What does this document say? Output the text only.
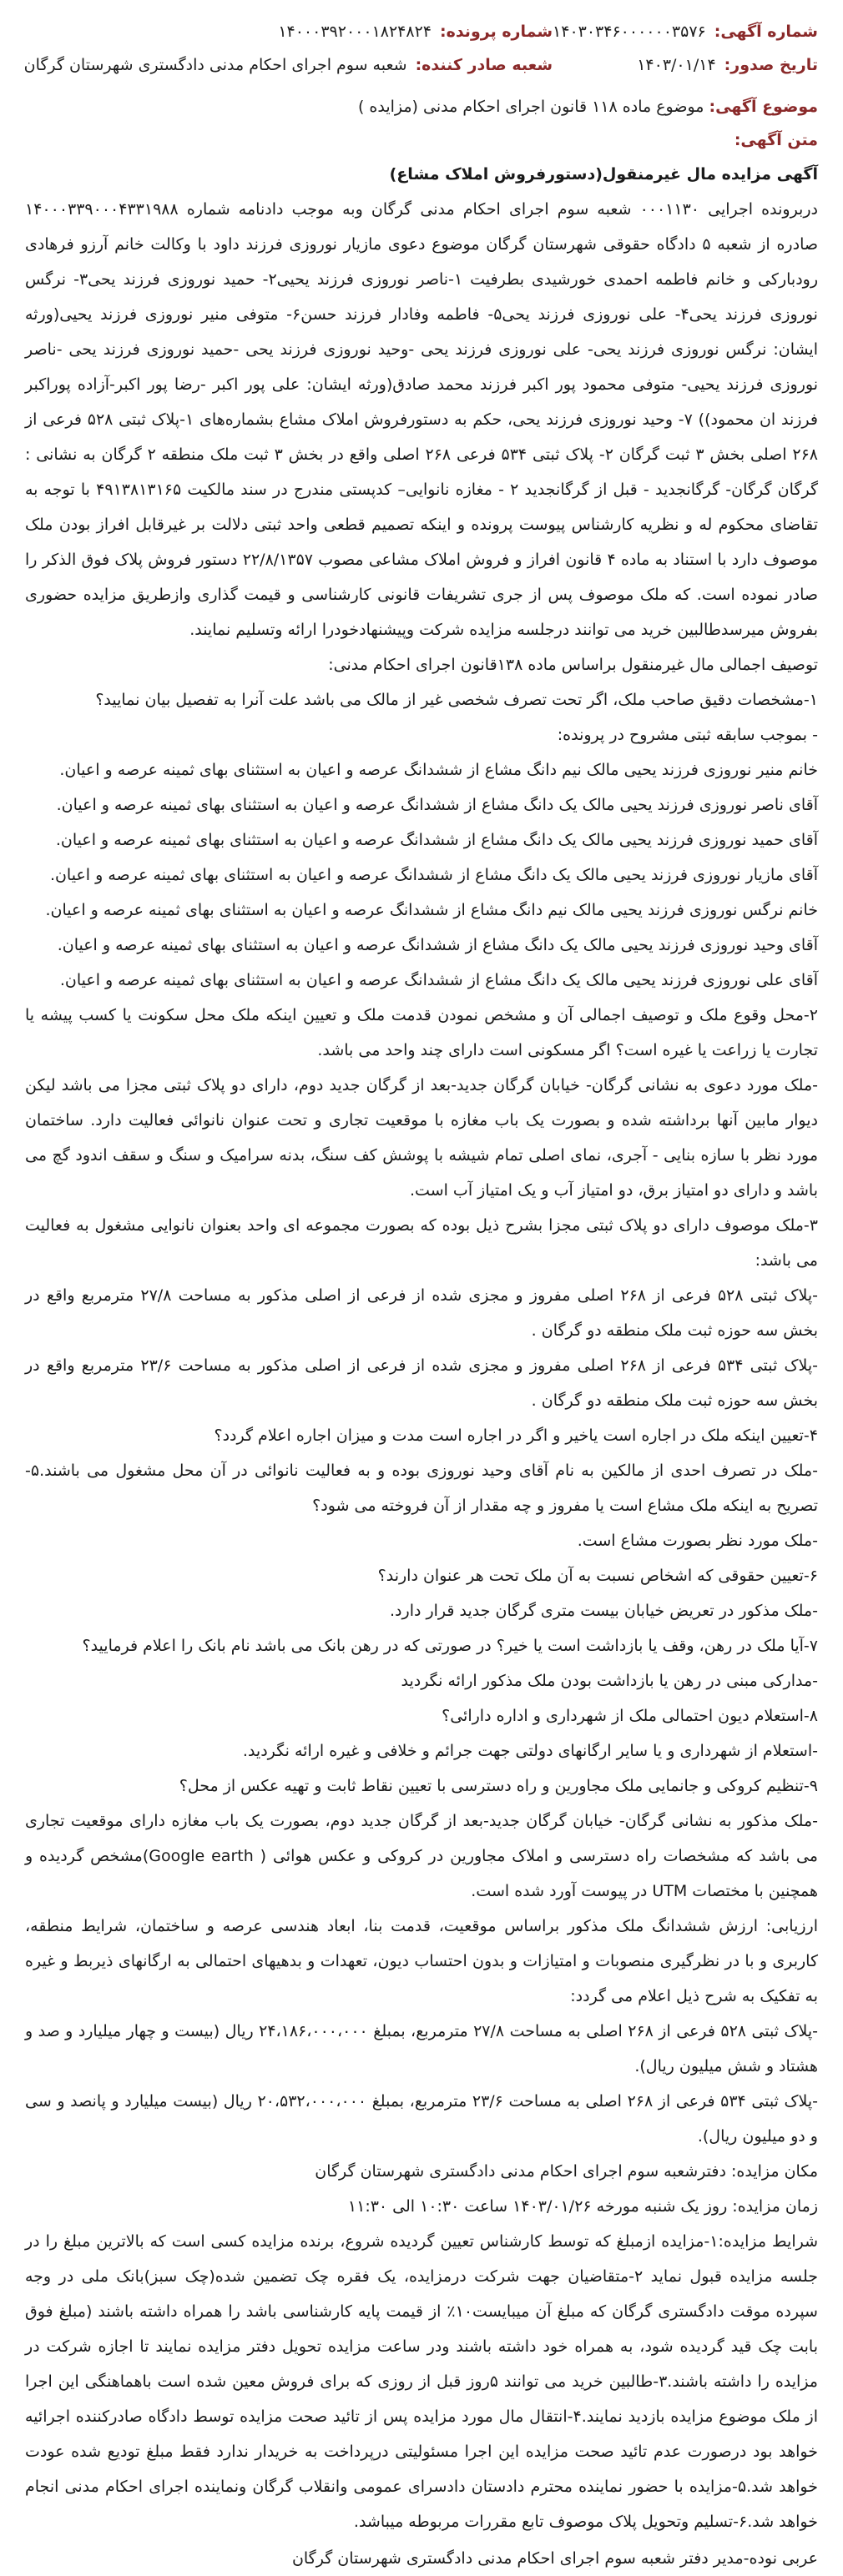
شماره آگهی:
۱۴۰۳۰۳۴۶۰۰۰۰۰۰۳۵۷۶
تاریخ صدور:
۱۴۰۳/۰۱/۱۴
شماره پرونده:
۱۴۰۰۰۳۹۲۰۰۰۱۸۲۴۸۲۴
شعبه صادر کننده:
شعبه سوم اجرای احکام مدنی دادگستری شهرستان گرگان
موضوع آگهی: موضوع ماده ۱۱۸ قانون اجرای احکام مدنی (مزایده )
متن آگهی:

آگهی مزایده مال غیرمنقول(دستورفروش املاک مشاع)

دربرونده اجرایی ۰۰۰۱۱۳۰ شعبه سوم اجرای احکام مدنی گرگان وبه موجب دادنامه شماره ۱۴۰۰۰۳۳۹۰۰۰۴۳۳۱۹۸۸ صادره از شعبه ۵ دادگاه حقوقی شهرستان گرگان موضوع دعوی مازیار نوروزی فرزند داود با وکالت خانم آرزو فرهادی رودبارکی و خانم فاطمه احمدی خورشیدی بطرفیت ۱-ناصر نوروزی فرزند یحیی۲- حمید نوروزی فرزند یحی۳- نرگس نوروزی فرزند یحی۴- علی نوروزی فرزند یحی۵- فاطمه وفادار فرزند حسن۶- متوفی منیر نوروزی فرزند یحیی(ورثه ایشان: نرگس نوروزی فرزند یحی- علی نوروزی فرزند یحی -وحید نوروزی فرزند یحی -حمید نوروزی فرزند یحی -ناصر نوروزی فرزند یحیی- متوفی محمود پور اکبر فرزند محمد صادق(ورثه ایشان: علی پور اکبر -رضا پور اکبر-آزاده پوراکبر فرزند ان محمود)) ۷- وحید نوروزی فرزند یحی، حکم به دستورفروش املاک مشاع بشماره‌های ۱-پلاک ثبتی ۵۲۸ فرعی از ۲۶۸ اصلی بخش ۳ ثبت گرگان ۲- پلاک ثبتی ۵۳۴ فرعی ۲۶۸ اصلی واقع در بخش ۳ ثبت ملک منطقه ۲ گرگان به نشانی : گرگان گرگان- گرگانجدید - قبل از گرگانجدید ۲ - مغازه نانوایی– کدپستی مندرج در سند مالکیت ۴۹۱۳۸۱۳۱۶۵ با توجه به تقاضای محکوم له و نظریه کارشناس پیوست پرونده و اینکه تصمیم قطعی واحد ثبتی دلالت بر غیرقابل افراز بودن ملک موصوف دارد با استناد به ماده ۴ قانون افراز و فروش املاک مشاعی مصوب ۲۲/۸/۱۳۵۷ دستور فروش پلاک فوق الذکر را صادر نموده است. که ملک موصوف پس از جری تشریفات قانونی کارشناسی و قیمت گذاری وازطریق مزایده حضوری بفروش میرسدطالبین خرید می توانند درجلسه مزایده شرکت وپیشنهادخودرا ارائه وتسلیم نمایند.

توصیف اجمالی مال غیرمنقول براساس ماده ۱۳۸قانون اجرای احکام مدنی:

۱-مشخصات دقیق صاحب ملک، اگر تحت تصرف شخصی غیر از مالک می باشد علت آنرا به تفصیل بیان نمایید؟

- بموجب سابقه ثبتی مشروح در پرونده:

خانم منیر نوروزی فرزند یحیی مالک نیم دانگ مشاع از ششدانگ عرصه و اعیان به استثنای بهای ثمینه عرصه و اعیان.

آقای ناصر نوروزی فرزند یحیی مالک یک دانگ مشاع از ششدانگ عرصه و اعیان به استثنای بهای ثمینه عرصه و اعیان.

آقای حمید نوروزی فرزند یحیی مالک یک دانگ مشاع از ششدانگ عرصه و اعیان به استثنای بهای ثمینه عرصه و اعیان.

آقای مازیار نوروزی فرزند یحیی مالک یک دانگ مشاع از ششدانگ عرصه و اعیان به استثنای بهای ثمینه عرصه و اعیان.

خانم نرگس نوروزی فرزند یحیی مالک نیم دانگ مشاع از ششدانگ عرصه و اعیان به استثنای بهای ثمینه عرصه و اعیان.

آقای وحید نوروزی فرزند یحیی مالک یک دانگ مشاع از ششدانگ عرصه و اعیان به استثنای بهای ثمینه عرصه و اعیان.

آقای علی نوروزی فرزند یحیی مالک یک دانگ مشاع از ششدانگ عرصه و اعیان به استثنای بهای ثمینه عرصه و اعیان.

۲-محل وقوع ملک و توصیف اجمالی آن و مشخص نمودن قدمت ملک و تعیین اینکه ملک محل سکونت یا کسب پیشه یا تجارت یا زراعت یا غیره است؟ اگر مسکونی است دارای چند واحد می باشد.

-ملک مورد دعوی به نشانی گرگان- خیابان گرگان جدید-بعد از گرگان جدید دوم، دارای دو پلاک ثبتی مجزا می باشد لیکن دیوار مابین آنها برداشته شده و بصورت یک باب مغازه با موقعیت تجاری و تحت عنوان نانوائی فعالیت دارد. ساختمان مورد نظر با سازه بنایی - آجری، نمای اصلی تمام شیشه با پوشش کف سنگ، بدنه سرامیک و سنگ و سقف اندود گچ می باشد و دارای دو امتیاز برق، دو امتیاز آب و یک امتیاز آب است.

۳-ملک موصوف دارای دو پلاک ثبتی مجزا بشرح ذیل بوده که بصورت مجموعه ای واحد بعنوان نانوایی مشغول به فعالیت می باشد:

-پلاک ثبتی ۵۲۸ فرعی از ۲۶۸ اصلی مفروز و مجزی شده از فرعی از اصلی مذکور به مساحت ۲۷/۸ مترمربع واقع در بخش سه حوزه ثبت ملک منطقه دو گرگان .

-پلاک ثبتی ۵۳۴ فرعی از ۲۶۸ اصلی مفروز و مجزی شده از فرعی از اصلی مذکور به مساحت ۲۳/۶ مترمربع واقع در بخش سه حوزه ثبت ملک منطقه دو گرگان .

۴-تعیین اینکه ملک در اجاره است یاخیر و اگر در اجاره است مدت و میزان اجاره اعلام گردد؟

-ملک در تصرف احدی از مالکین به نام آقای وحید نوروزی بوده و به فعالیت نانوائی در آن محل مشغول می باشند.۵- تصریح به اینکه ملک مشاع است یا مفروز و چه مقدار از آن فروخته می شود؟

-ملک مورد نظر بصورت مشاع است.

۶-تعیین حقوقی که اشخاص نسبت به آن ملک تحت هر عنوان دارند؟

-ملک مذکور در تعریض خیابان بیست متری گرگان جدید قرار دارد.

۷-آیا ملک در رهن، وقف یا بازداشت است یا خیر؟ در صورتی که در رهن بانک می باشد نام بانک را اعلام فرمایید؟

-مدارکی مبنی در رهن یا بازداشت بودن ملک مذکور ارائه نگردید

۸-استعلام دیون احتمالی ملک از شهرداری و اداره دارائی؟

-استعلام از شهرداری و یا سایر ارگانهای دولتی جهت جرائم و خلافی و غیره ارائه نگردید.

۹-تنظیم کروکی و جانمایی ملک مجاورین و راه دسترسی با تعیین نقاط ثابت و تهیه عکس از محل؟

-ملک مذکور به نشانی گرگان- خیابان گرگان جدید-بعد از گرگان جدید دوم، بصورت یک باب مغازه دارای موقعیت تجاری می باشد که مشخصات راه دسترسی و املاک مجاورین در کروکی و عکس هوائی ( Google earth)مشخص گردیده و همچنین با مختصات UTM در پیوست آورد شده است.

ارزیابی: ارزش ششدانگ ملک مذکور براساس موقعیت، قدمت بنا، ابعاد هندسی عرصه و ساختمان، شرایط منطقه، کاربری و با در نظرگیری منصوبات و امتیازات و بدون احتساب دیون، تعهدات و بدهیهای احتمالی به ارگانهای ذیربط و غیره به تفکیک به شرح ذیل اعلام می گردد:

-پلاک ثبتی ۵۲۸ فرعی از ۲۶۸ اصلی به مساحت ۲۷/۸ مترمربع، بمبلغ ۲۴،۱۸۶،۰۰۰،۰۰۰ ریال (بیست و چهار میلیارد و صد و هشتاد و شش میلیون ریال).

-پلاک ثبتی ۵۳۴ فرعی از ۲۶۸ اصلی به مساحت ۲۳/۶ مترمربع، بمبلغ ۲۰،۵۳۲،۰۰۰،۰۰۰ ریال (بیست میلیارد و پانصد و سی و دو میلیون ریال).

مکان مزایده: دفترشعبه سوم اجرای احکام مدنی دادگستری شهرستان گرگان

زمان مزایده: روز یک شنبه مورخه ۱۴۰۳/۰۱/۲۶ ساعت ۱۰:۳۰ الی ۱۱:۳۰

شرایط مزایده:۱-مزایده ازمبلغ که توسط کارشناس تعیین گردیده شروع، برنده مزایده کسی است که بالاترین مبلغ را در جلسه مزایده قبول نماید ۲-متقاضیان جهت شرکت درمزایده، یک فقره چک تضمین شده(چک سبز)بانک ملی در وجه سپرده موقت دادگستری گرگان که مبلغ آن میبایست۱۰٪ از قیمت پایه کارشناسی باشد را همراه داشته باشند (مبلغ فوق بابت چک قید گردیده شود، به همراه خود داشته باشند ودر ساعت مزایده تحویل دفتر مزایده نمایند تا اجازه شرکت در مزایده را داشته باشند.۳-طالبین خرید می توانند ۵روز قبل از روزی که برای فروش معین شده است باهماهنگی این اجرا از ملک موضوع مزایده بازدید نمایند.۴-انتقال مال مورد مزایده پس از تائید صحت مزایده توسط دادگاه صادرکننده اجرائیه خواهد بود درصورت عدم تائید صحت مزایده این اجرا مسئولیتی درپرداخت به خریدار ندارد فقط مبلغ تودیع شده عودت خواهد شد.۵-مزایده با حضور نماینده محترم دادستان دادسرای عمومی وانقلاب گرگان ونماینده اجرای احکام مدنی انجام خواهد شد.۶-تسلیم وتحویل پلاک موصوف تابع مقررات مربوطه میباشد.

عربی نوده-مدیر دفتر شعبه سوم اجرای احکام مدنی دادگستری شهرستان گرگان
